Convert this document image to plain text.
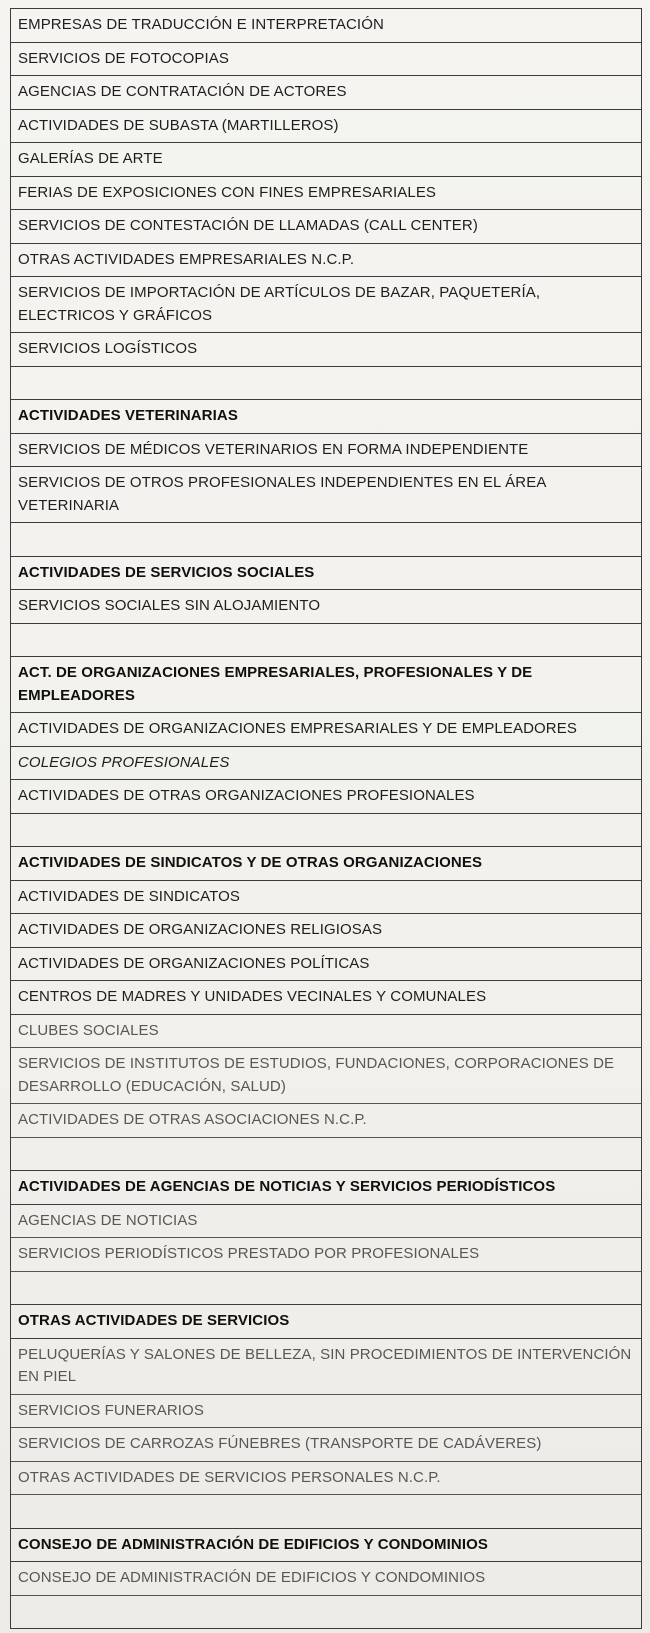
EMPRESAS DE TRADUCCIÓN E INTERPRETACIÓN
SERVICIOS DE FOTOCOPIAS
AGENCIAS DE CONTRATACIÓN DE ACTORES
ACTIVIDADES DE SUBASTA (MARTILLEROS)
GALERÍAS DE ARTE
FERIAS DE EXPOSICIONES CON FINES EMPRESARIALES
SERVICIOS DE CONTESTACIÓN DE LLAMADAS (CALL CENTER)
OTRAS ACTIVIDADES EMPRESARIALES N.C.P.
SERVICIOS DE IMPORTACIÓN DE ARTÍCULOS DE BAZAR, PAQUETERÍA, ELECTRICOS Y GRÁFICOS
SERVICIOS LOGÍSTICOS
ACTIVIDADES VETERINARIAS
SERVICIOS DE MÉDICOS VETERINARIOS EN FORMA INDEPENDIENTE
SERVICIOS DE OTROS PROFESIONALES INDEPENDIENTES EN EL ÁREA VETERINARIA
ACTIVIDADES DE SERVICIOS SOCIALES
SERVICIOS SOCIALES SIN ALOJAMIENTO
ACT. DE ORGANIZACIONES EMPRESARIALES, PROFESIONALES Y DE EMPLEADORES
ACTIVIDADES DE ORGANIZACIONES EMPRESARIALES Y DE EMPLEADORES
COLEGIOS PROFESIONALES
ACTIVIDADES DE OTRAS ORGANIZACIONES PROFESIONALES
ACTIVIDADES DE SINDICATOS Y DE OTRAS ORGANIZACIONES
ACTIVIDADES DE SINDICATOS
ACTIVIDADES DE ORGANIZACIONES RELIGIOSAS
ACTIVIDADES DE ORGANIZACIONES POLÍTICAS
CENTROS DE MADRES Y UNIDADES VECINALES Y COMUNALES
CLUBES SOCIALES
SERVICIOS DE INSTITUTOS DE ESTUDIOS, FUNDACIONES, CORPORACIONES DE DESARROLLO (EDUCACIÓN, SALUD)
ACTIVIDADES DE OTRAS ASOCIACIONES N.C.P.
ACTIVIDADES DE AGENCIAS DE NOTICIAS Y SERVICIOS PERIODÍSTICOS
AGENCIAS DE NOTICIAS
SERVICIOS PERIODÍSTICOS PRESTADO POR PROFESIONALES
OTRAS ACTIVIDADES DE SERVICIOS
PELUQUERÍAS Y SALONES DE BELLEZA, SIN PROCEDIMIENTOS DE INTERVENCIÓN EN PIEL
SERVICIOS FUNERARIOS
SERVICIOS DE CARROZAS FÚNEBRES (TRANSPORTE DE CADÁVERES)
OTRAS ACTIVIDADES DE SERVICIOS PERSONALES N.C.P.
CONSEJO DE ADMINISTRACIÓN DE EDIFICIOS Y CONDOMINIOS
CONSEJO DE ADMINISTRACIÓN DE EDIFICIOS Y CONDOMINIOS
